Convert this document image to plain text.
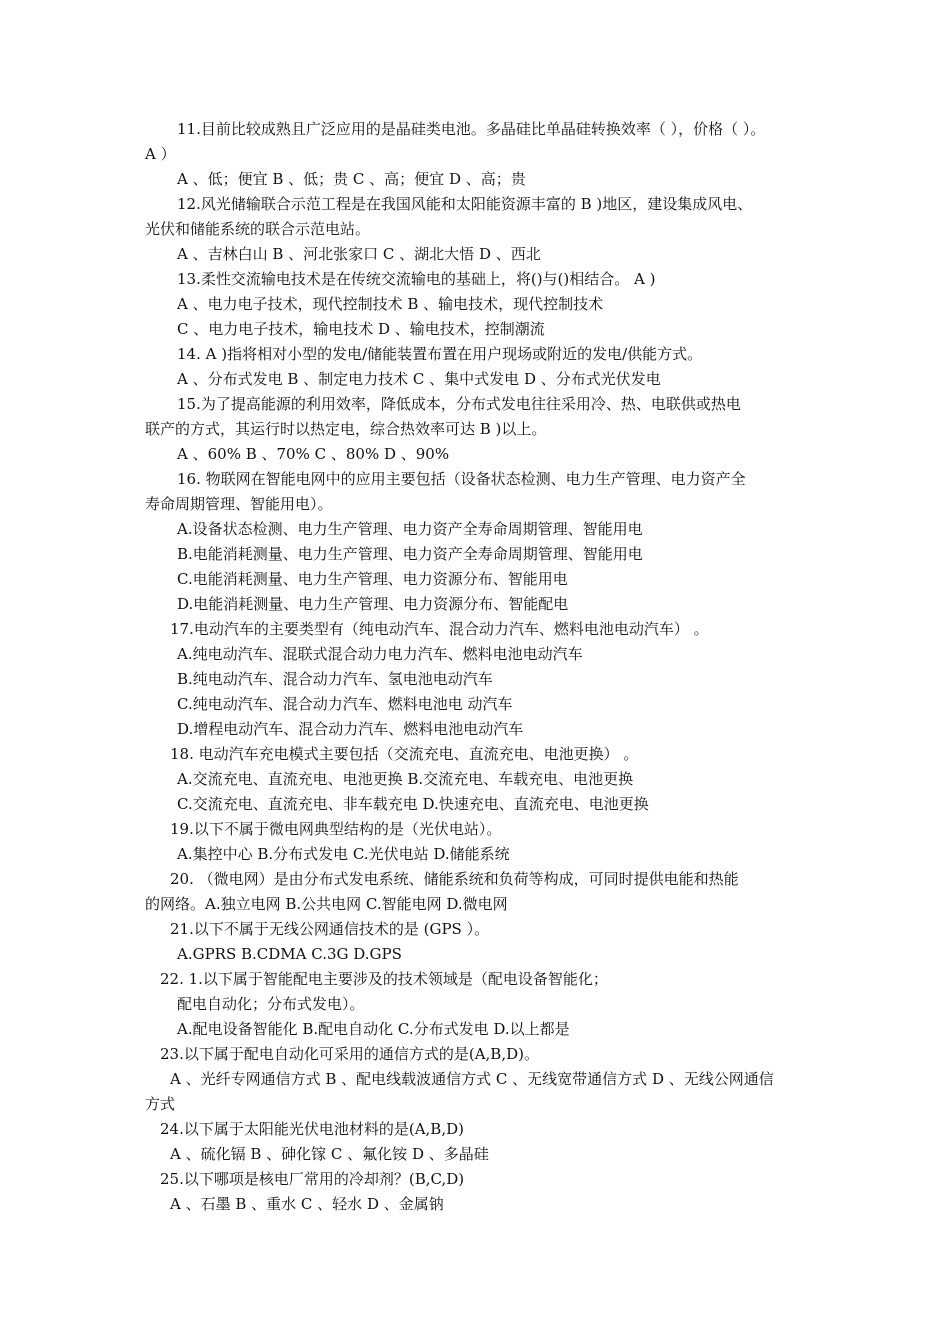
11.目前比较成熟且广泛应用的是晶硅类电池。多晶硅比单晶硅转换效率（ ），价格（ ）。
A ）
A 、低；便宜 B 、低；贵 C 、高；便宜 D 、高；贵
12.风光储输联合示范工程是在我国风能和太阳能资源丰富的 B )地区，建设集成风电、
光伏和储能系统的联合示范电站。
A 、吉林白山 B 、河北张家口 C 、湖北大悟 D 、西北
13.柔性交流输电技术是在传统交流输电的基础上，将()与()相结合。 A )
A 、电力电子技术，现代控制技术 B 、输电技术，现代控制技术
C 、电力电子技术，输电技术 D 、输电技术，控制潮流
14. A )指将相对小型的发电/储能装置布置在用户现场或附近的发电/供能方式。
A 、分布式发电 B 、制定电力技术 C 、集中式发电 D 、分布式光伏发电
15.为了提高能源的利用效率，降低成本，分布式发电往往采用冷、热、电联供或热电
联产的方式，其运行时以热定电，综合热效率可达 B )以上。
A 、60% B 、70% C 、80% D 、90%
16. 物联网在智能电网中的应用主要包括（设备状态检测、电力生产管理、电力资产全
寿命周期管理、智能用电）。
A.设备状态检测、电力生产管理、电力资产全寿命周期管理、智能用电
B.电能消耗测量、电力生产管理、电力资产全寿命周期管理、智能用电
C.电能消耗测量、电力生产管理、电力资源分布、智能用电
D.电能消耗测量、电力生产管理、电力资源分布、智能配电
17.电动汽车的主要类型有（纯电动汽车、混合动力汽车、燃料电池电动汽车） 。
A.纯电动汽车、混联式混合动力电力汽车、燃料电池电动汽车
B.纯电动汽车、混合动力汽车、氢电池电动汽车
C.纯电动汽车、混合动力汽车、燃料电池电 动汽车
D.增程电动汽车、混合动力汽车、燃料电池电动汽车
18. 电动汽车充电模式主要包括（交流充电、直流充电、电池更换） 。
A.交流充电、直流充电、电池更换 B.交流充电、车载充电、电池更换
C.交流充电、直流充电、非车载充电 D.快速充电、直流充电、电池更换
19.以下不属于微电网典型结构的是（光伏电站）。
A.集控中心 B.分布式发电 C.光伏电站 D.储能系统
20. （微电网）是由分布式发电系统、储能系统和负荷等构成，可同时提供电能和热能
的网络。A.独立电网 B.公共电网 C.智能电网 D.微电网
21.以下不属于无线公网通信技术的是 (GPS ）。
A.GPRS B.CDMA C.3G D.GPS
22. 1.以下属于智能配电主要涉及的技术领域是（配电设备智能化；
配电自动化；分布式发电）。
A.配电设备智能化 B.配电自动化 C.分布式发电 D.以上都是
23.以下属于配电自动化可采用的通信方式的是(A,B,D)。
A 、光纤专网通信方式 B 、配电线载波通信方式 C 、无线宽带通信方式 D 、无线公网通信
方式
24.以下属于太阳能光伏电池材料的是(A,B,D)
A 、硫化镉 B 、砷化镓 C 、氟化铵 D 、多晶硅
25.以下哪项是核电厂常用的冷却剂？(B,C,D)
A 、石墨 B 、重水 C 、轻水 D 、金属钠
